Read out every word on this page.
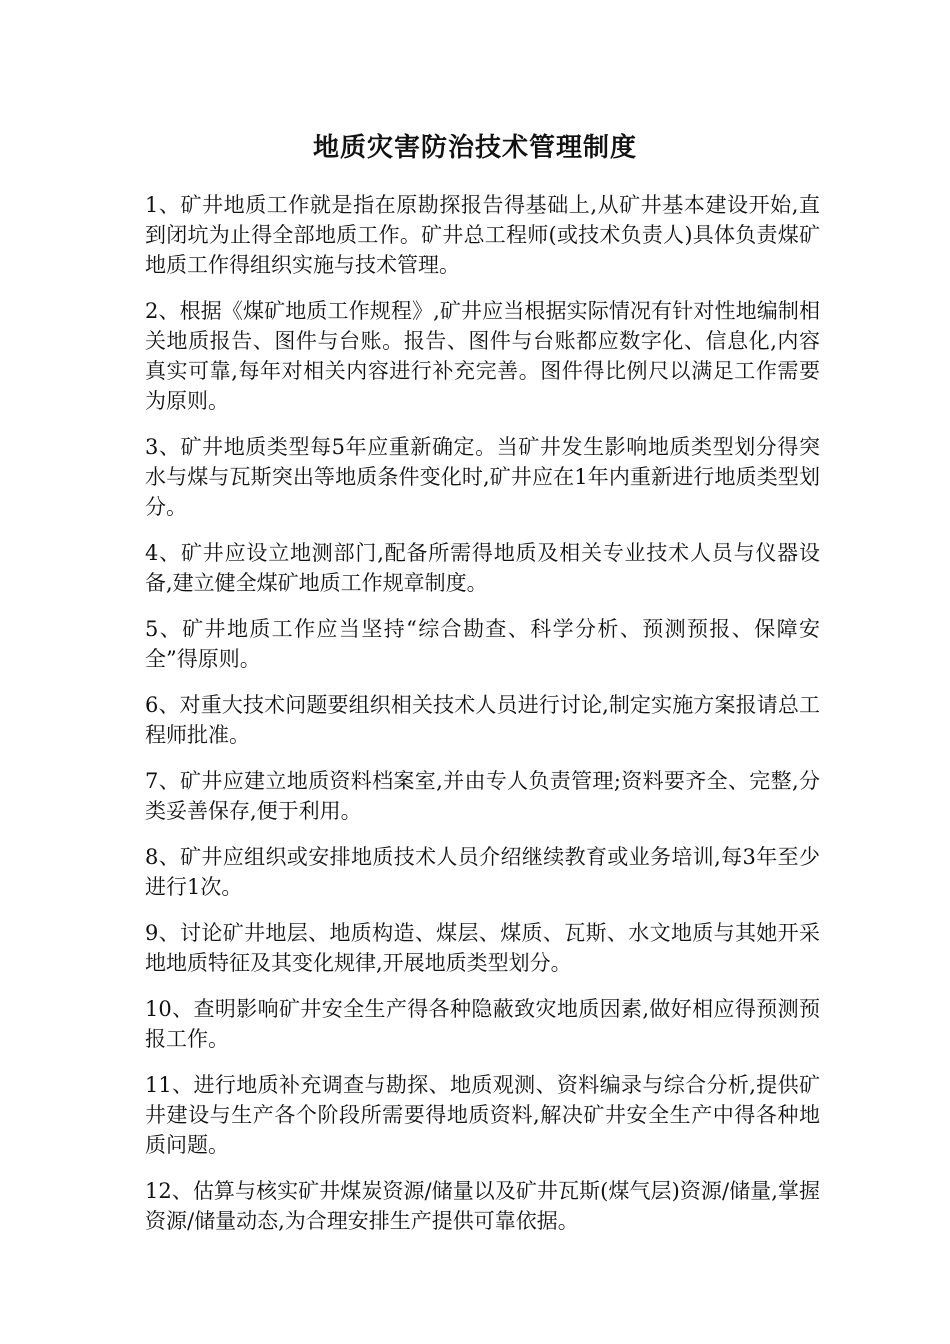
地质灾害防治技术管理制度

1、矿井地质工作就是指在原勘探报告得基础上,从矿井基本建设开始,直到闭坑为止得全部地质工作。矿井总工程师(或技术负责人)具体负责煤矿地质工作得组织实施与技术管理。

2、根据《煤矿地质工作规程》,矿井应当根据实际情况有针对性地编制相关地质报告、图件与台账。报告、图件与台账都应数字化、信息化,内容真实可靠,每年对相关内容进行补充完善。图件得比例尺以满足工作需要为原则。

3、矿井地质类型每5年应重新确定。当矿井发生影响地质类型划分得突水与煤与瓦斯突出等地质条件变化时,矿井应在1年内重新进行地质类型划分。

4、矿井应设立地测部门,配备所需得地质及相关专业技术人员与仪器设备,建立健全煤矿地质工作规章制度。

5、矿井地质工作应当坚持“综合勘查、科学分析、预测预报、保障安全”得原则。

6、对重大技术问题要组织相关技术人员进行讨论,制定实施方案报请总工程师批准。

7、矿井应建立地质资料档案室,并由专人负责管理;资料要齐全、完整,分类妥善保存,便于利用。

8、矿井应组织或安排地质技术人员介绍继续教育或业务培训,每3年至少进行1次。

9、讨论矿井地层、地质构造、煤层、煤质、瓦斯、水文地质与其她开采地地质特征及其变化规律,开展地质类型划分。

10、查明影响矿井安全生产得各种隐蔽致灾地质因素,做好相应得预测预报工作。

11、进行地质补充调查与勘探、地质观测、资料编录与综合分析,提供矿井建设与生产各个阶段所需要得地质资料,解决矿井安全生产中得各种地质问题。

12、估算与核实矿井煤炭资源/储量以及矿井瓦斯(煤气层)资源/储量,掌握资源/储量动态,为合理安排生产提供可靠依据。
